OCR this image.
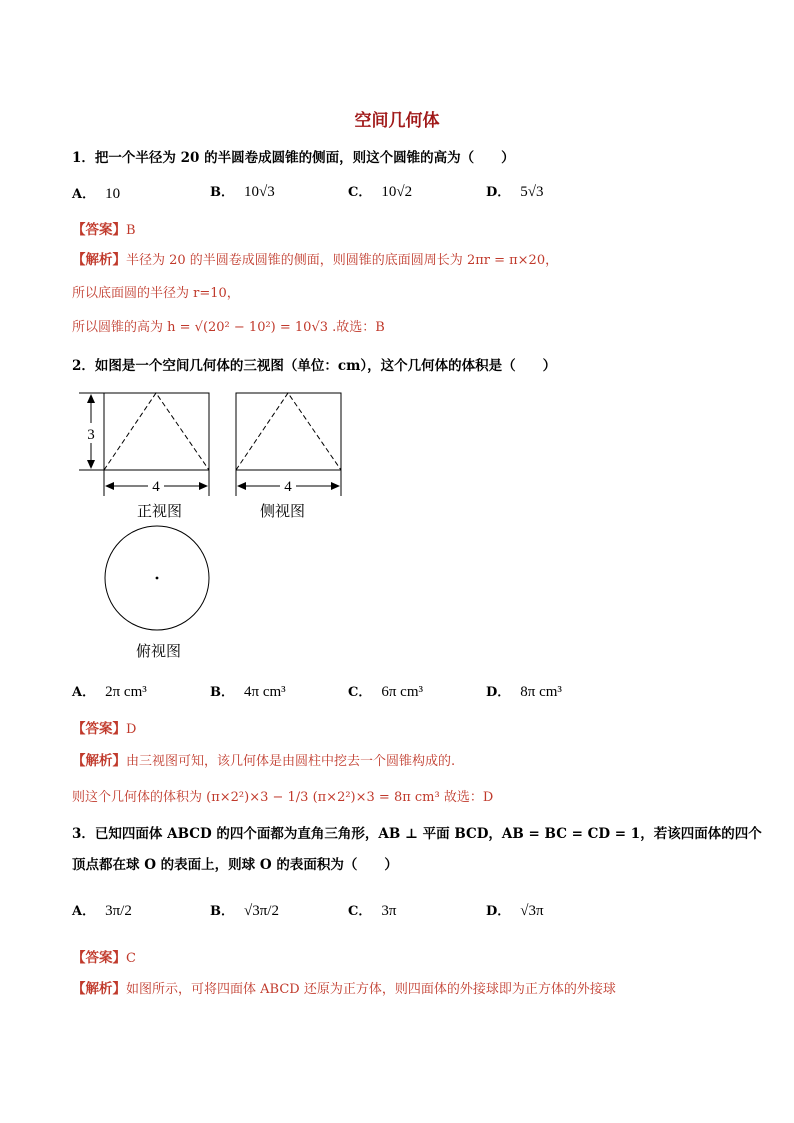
空间几何体
1．把一个半径为 20 的半圆卷成圆锥的侧面，则这个圆锥的高为（　　）
A． 10	B． 10√3	C． 10√2	D． 5√3
【答案】B
【解析】半径为 20 的半圆卷成圆锥的侧面，则圆锥的底面圆周长为 2πr = π×20，
所以底面圆的半径为 r=10，
所以圆锥的高为 h = √(20² − 10²) = 10√3 .故选：B
2．如图是一个空间几何体的三视图（单位：cm），这个几何体的体积是（　　）
3
4	4
正视图	侧视图
俯视图
A． 2π cm³	B． 4π cm³	C． 6π cm³	D． 8π cm³
【答案】D
【解析】由三视图可知，该几何体是由圆柱中挖去一个圆锥构成的.
则这个几何体的体积为 (π×2²)×3 − 1/3 (π×2²)×3 = 8π cm³ 故选：D
3．已知四面体 ABCD 的四个面都为直角三角形，AB ⊥ 平面 BCD，AB = BC = CD = 1，若该四面体的四个
顶点都在球 O 的表面上，则球 O 的表面积为（　　）
A． 3π/2	B． √3π/2	C． 3π	D． √3π
【答案】C
【解析】如图所示，可将四面体 ABCD 还原为正方体，则四面体的外接球即为正方体的外接球
